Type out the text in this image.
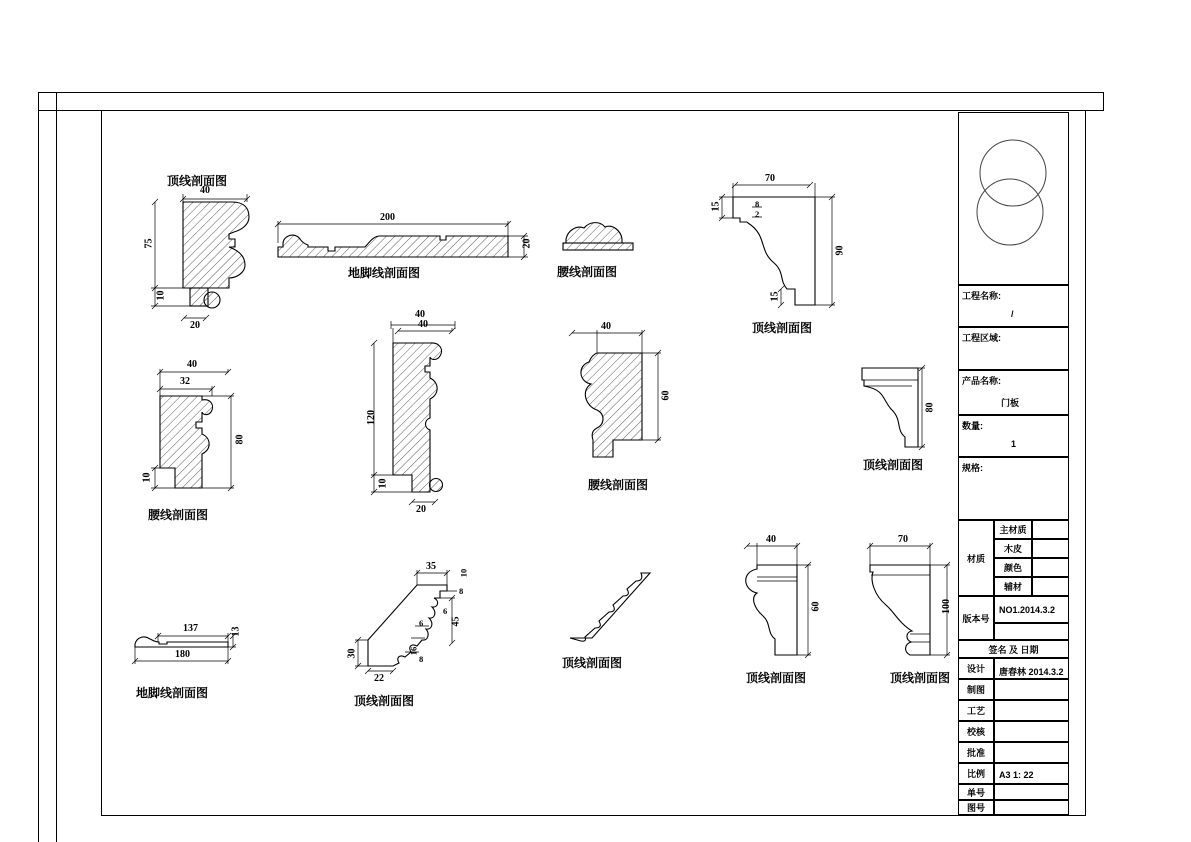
顶线剖面图
40
75
10
20
地脚线剖面图
200
20
40
腰线剖面图
顶线剖面图
70
15	8
2
90
15
腰线剖面图
40
32
80
10
40
120
10
20
腰线剖面图
40
60
顶线剖面图
80
地脚线剖面图
137
180
13
顶线剖面图
35
10
8
6
45
6
16
8
30
22
顶线剖面图
顶线剖面图
40
60
顶线剖面图
70
100
工程名称:
/
工程区域:
产品名称:
门板
数量:
1
规格:
材质
主材质
木皮
颜色
辅材
版本号
NO1.2014.3.2
签名 及 日期
设计 唐春林 2014.3.2
制图
工艺
校核
批准
比例 A3 1: 22
单号
图号
